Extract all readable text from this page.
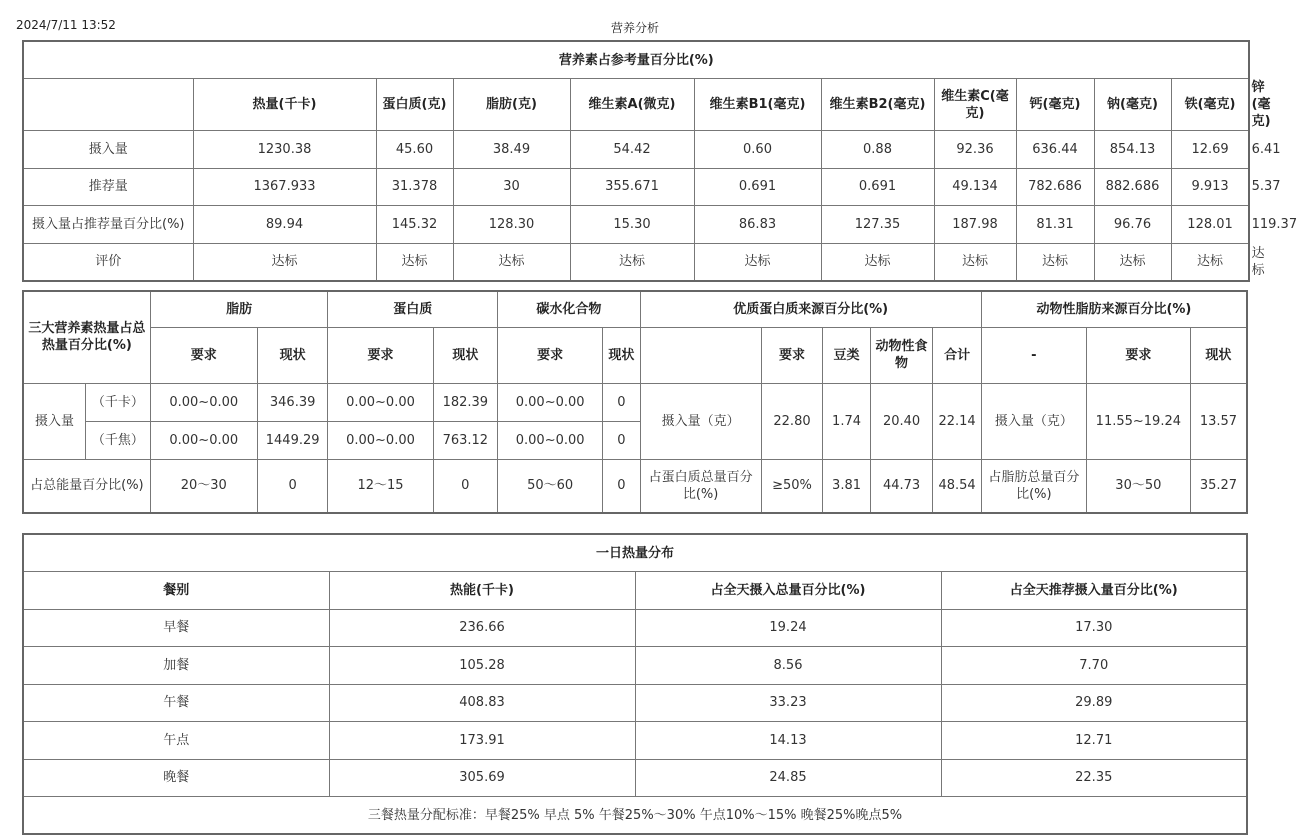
2024/7/11 13:52	营养分析
营养素占参考量百分比(%)											
	热量(千卡)	蛋白质(克)	脂肪(克)	维生素A(微克)	维生素B1(毫克)	维生素B2(毫克)	维生素C(毫克)	钙(毫克)	钠(毫克)	铁(毫克)	锌(毫克)
摄入量	1230.38	45.60	38.49	54.42	0.60	0.88	92.36	636.44	854.13	12.69	6.41
推荐量	1367.933	31.378	30	355.671	0.691	0.691	49.134	782.686	882.686	9.913	5.37
摄入量占推荐量百分比(%)	89.94	145.32	128.30	15.30	86.83	127.35	187.98	81.31	96.76	128.01	119.37
评价	达标	达标	达标	达标	达标	达标	达标	达标	达标	达标	达标
三大营养素热量占总热量百分比(%)		脂肪		蛋白质		碳水化合物		优质蛋白质来源百分比(%)					动物性脂肪来源百分比(%)		
		要求	现状	要求	现状	要求	现状		要求	豆类	动物性食物	合计	-	要求	现状
摄入量	（千卡）	0.00~0.00	346.39	0.00~0.00	182.39	0.00~0.00	0	摄入量（克）	22.80	1.74	20.40	22.14	摄入量（克）	11.55~19.24	13.57
	（千焦）	0.00~0.00	1449.29	0.00~0.00	763.12	0.00~0.00	0								
占总能量百分比(%)		20～30	0	12～15	0	50～60	0	占蛋白质总量百分比(%)	≥50%	3.81	44.73	48.54	占脂肪总量百分比(%)	30～50	35.27
一日热量分布			
餐别	热能(千卡)	占全天摄入总量百分比(%)	占全天推荐摄入量百分比(%)
早餐	236.66	19.24	17.30
加餐	105.28	8.56	7.70
午餐	408.83	33.23	29.89
午点	173.91	14.13	12.71
晚餐	305.69	24.85	22.35
三餐热量分配标准：早餐25% 早点 5% 午餐25%～30% 午点10%～15% 晚餐25%晚点5%			
